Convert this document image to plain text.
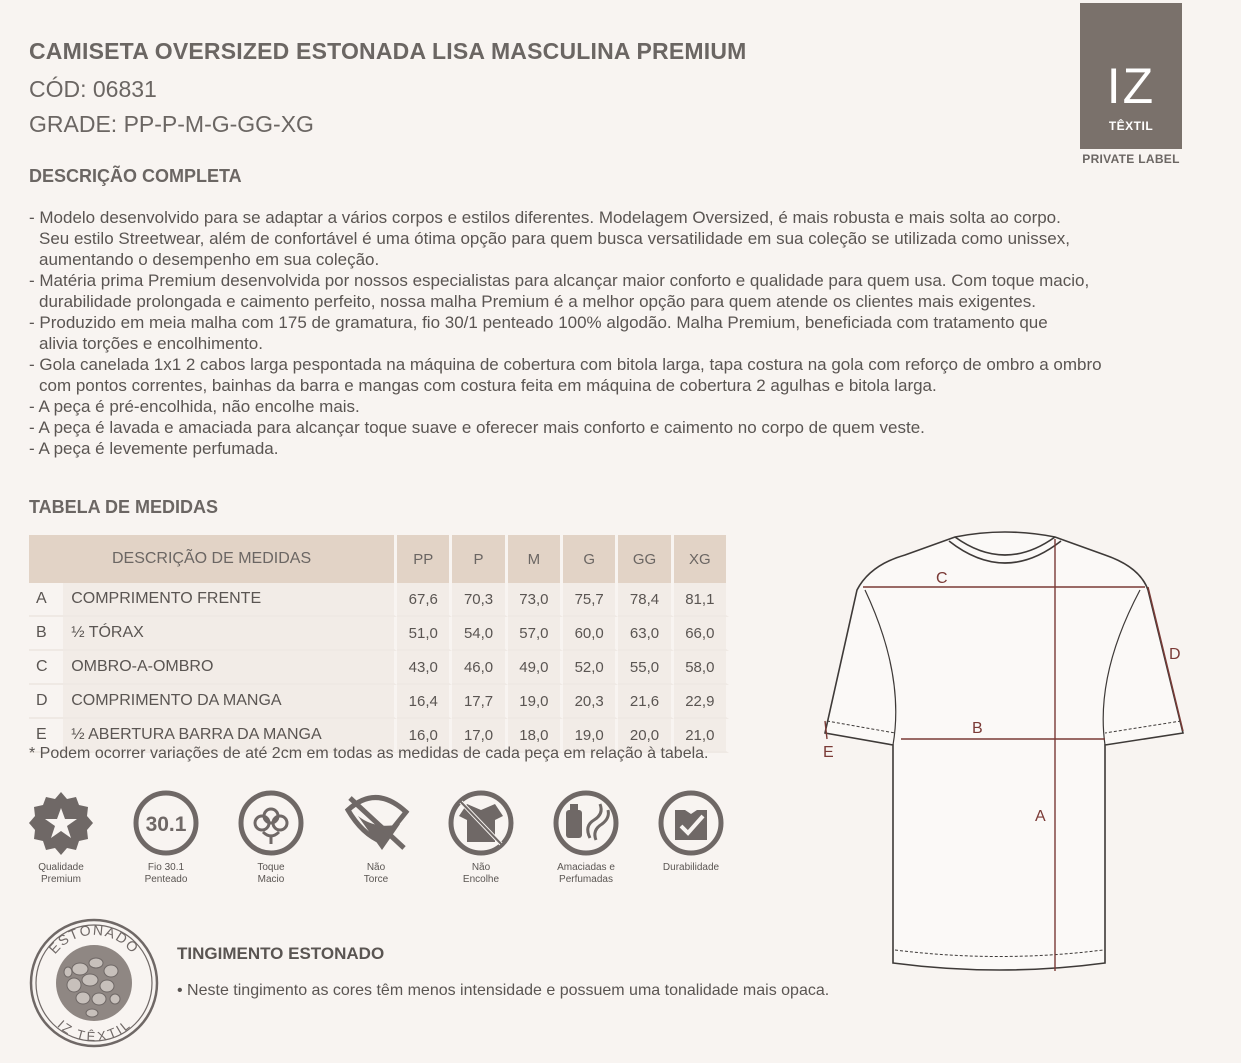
CAMISETA OVERSIZED ESTONADA LISA MASCULINA PREMIUM
CÓD: 06831
GRADE: PP-P-M-G-GG-XG
IZ
TÊXTIL
PRIVATE LABEL
DESCRIÇÃO COMPLETA
- Modelo desenvolvido para se adaptar a vários corpos e estilos diferentes. Modelagem Oversized, é mais robusta e mais solta ao corpo.
Seu estilo Streetwear, além de confortável é uma ótima opção para quem busca versatilidade em sua coleção se utilizada como unissex,
aumentando o desempenho em sua coleção.
- Matéria prima Premium desenvolvida por nossos especialistas para alcançar maior conforto e qualidade para quem usa. Com toque macio,
durabilidade prolongada e caimento perfeito, nossa malha Premium é a melhor opção para quem atende os clientes mais exigentes.
- Produzido em meia malha com 175 de gramatura, fio 30/1 penteado 100% algodão. Malha Premium, beneficiada com tratamento que
alivia torções e encolhimento.
- Gola canelada 1x1 2 cabos larga pespontada na máquina de cobertura com bitola larga, tapa costura na gola com reforço de ombro a ombro
com pontos correntes, bainhas da barra e mangas com costura feita em máquina de cobertura 2 agulhas e bitola larga.
- A peça é pré-encolhida, não encolhe mais.
- A peça é lavada e amaciada para alcançar toque suave e oferecer mais conforto e caimento no corpo de quem veste.
- A peça é levemente perfumada.
TABELA DE MEDIDAS
DESCRIÇÃO DE MEDIDAS		PP	P	M	G	GG	XG
A	COMPRIMENTO FRENTE	67,6	70,3	73,0	75,7	78,4	81,1
B	½ TÓRAX	51,0	54,0	57,0	60,0	63,0	66,0
C	OMBRO-A-OMBRO	43,0	46,0	49,0	52,0	55,0	58,0
D	COMPRIMENTO DA MANGA	16,4	17,7	19,0	20,3	21,6	22,9
E	½ ABERTURA BARRA DA MANGA	16,0	17,0	18,0	19,0	20,0	21,0
* Podem ocorrer variações de até 2cm em todas as medidas de cada peça em relação à tabela.
Qualidade
Premium
30.1
Fio 30.1
Penteado
Toque
Macio
Não
Torce
Não
Encolhe
Amaciadas e
Perfumadas
Durabilidade

ESTONADO
IZ TÊXTIL
TINGIMENTO ESTONADO
• Neste tingimento as cores têm menos intensidade e possuem uma tonalidade mais opaca.
A
B
C
D
E
